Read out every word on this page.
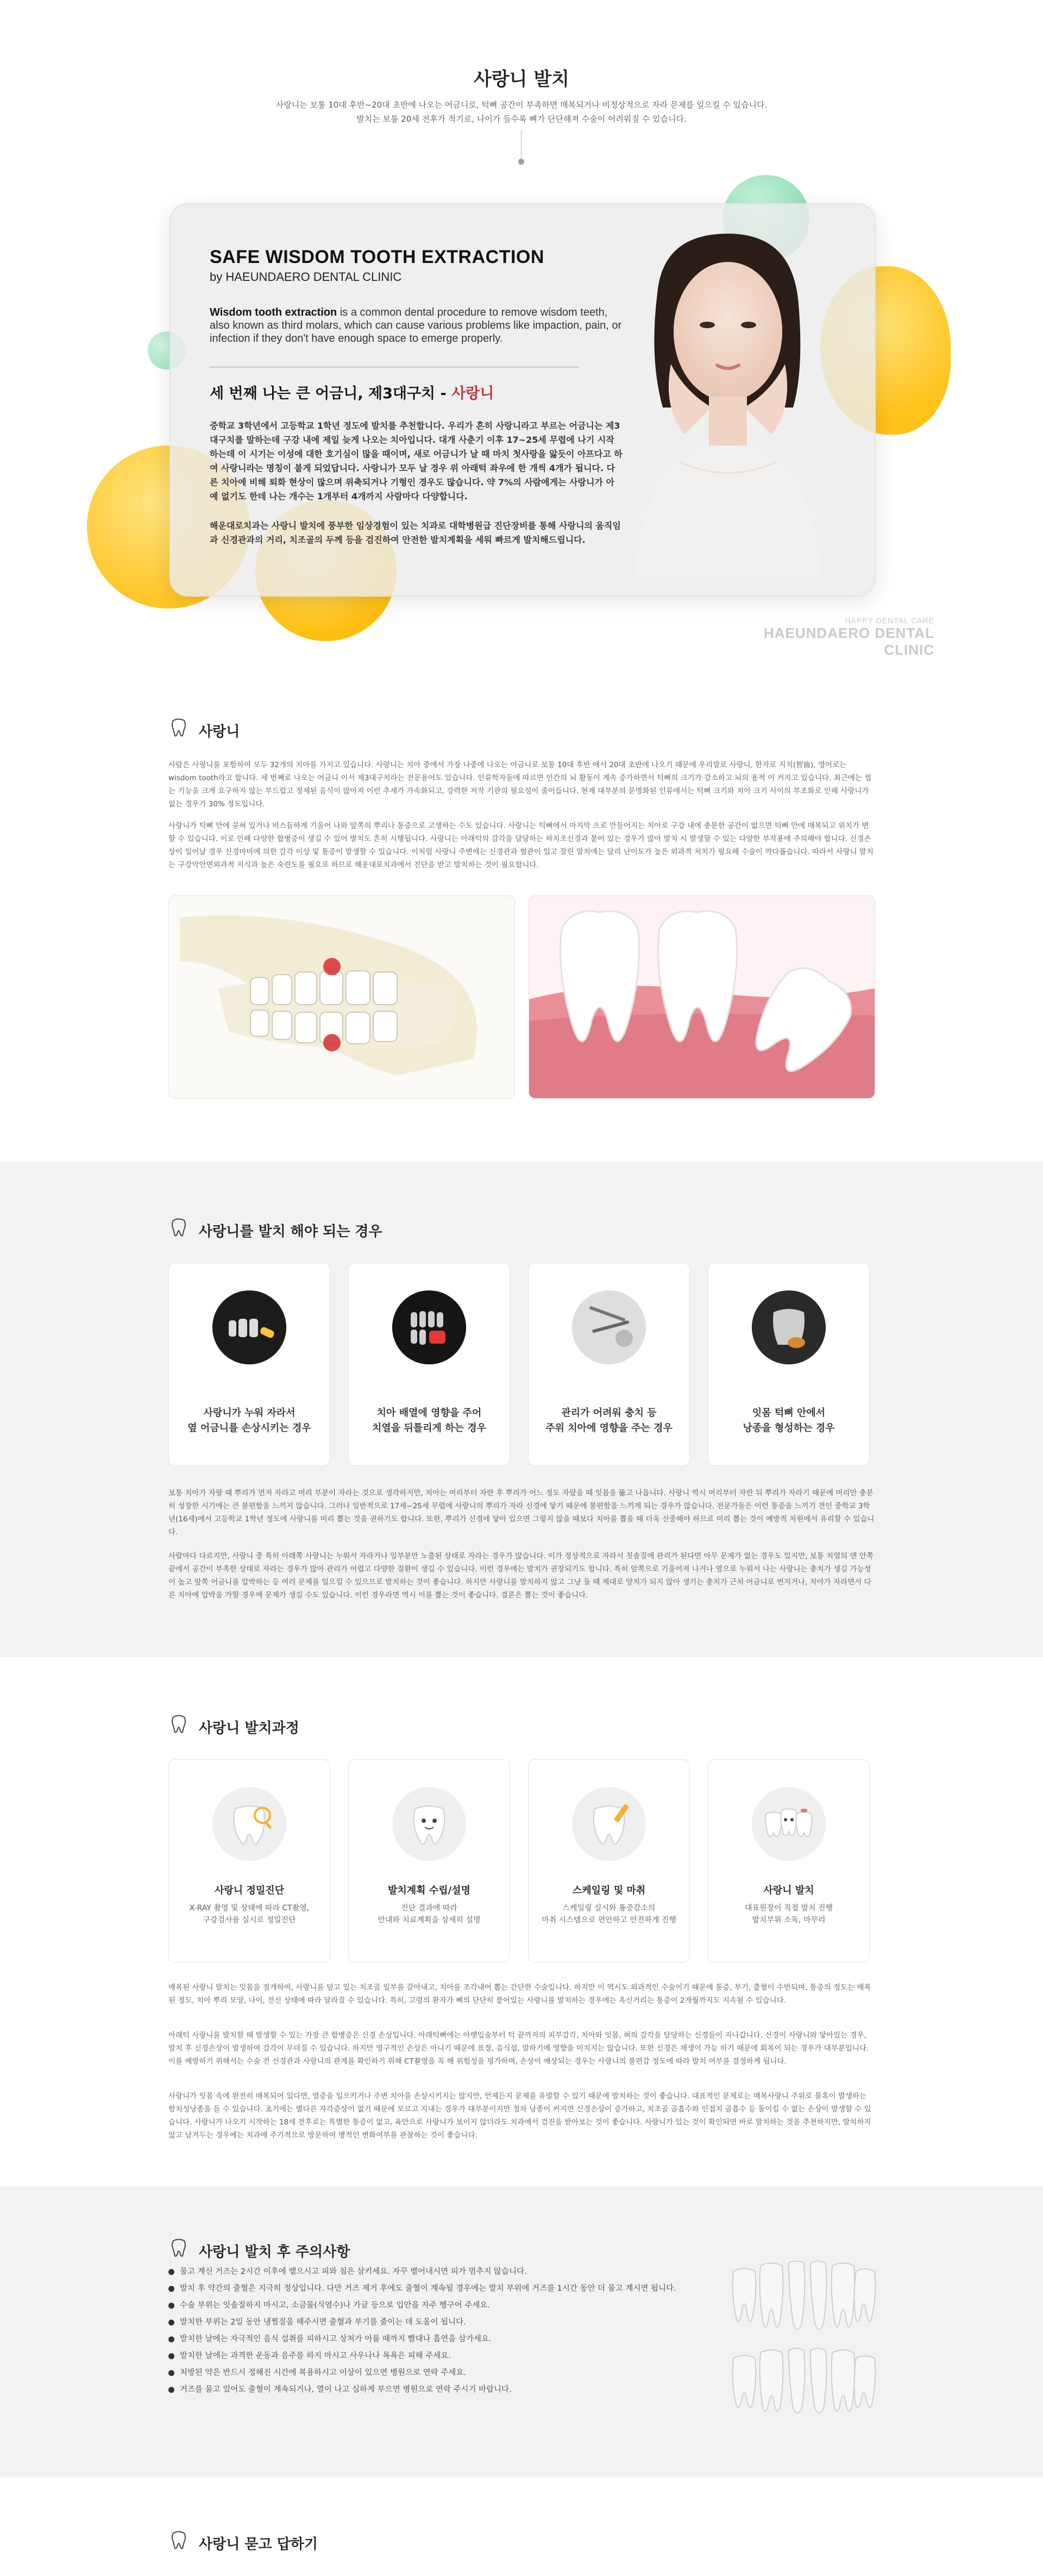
사랑니 발치

사랑니는 보통 10대 후반~20대 초반에 나오는 어금니로, 턱뼈 공간이 부족하면 매복되거나 비정상적으로 자라 문제를 일으킬 수 있습니다.

발치는 보통 20세 전후가 적기로, 나이가 들수록 뼈가 단단해져 수술이 어려워질 수 있습니다.

SAFE WISDOM TOOTH EXTRACTION
by HAEUNDAERO DENTAL CLINIC
Wisdom tooth extraction is a common dental procedure to remove wisdom teeth, also known as third molars, which can cause various problems like impaction, pain, or infection if they don't have enough space to emerge properly.
세 번째 나는 큰 어금니, 제3대구치 - 사랑니

중학교 3학년에서 고등학교 1학년 정도에 발치를 추천합니다. 우리가 흔히 사랑니라고 부르는 어금니는 제3대구치를 말하는데 구강 내에 제일 늦게 나오는 치아입니다. 대개 사춘기 이후 17~25세 무렵에 나기 시작하는데 이 시기는 이성에 대한 호기심이 많을 때이며, 새로 어금니가 날 때 마치 첫사랑을 앓듯이 아프다고 하여 사랑니라는 명칭이 붙게 되었답니다. 사랑니가 모두 날 경우 위 아래턱 좌우에 한 개씩 4개가 됩니다. 다른 치아에 비해 퇴화 현상이 많으며 위축되거나 기형인 경우도 많습니다. 약 7%의 사람에게는 사랑니가 아예 없기도 한데 나는 개수는 1개부터 4개까지 사람마다 다양합니다.

해운대로치과는 사랑니 발치에 풍부한 임상경험이 있는 치과로 대학병원급 진단장비를 통해 사랑니의 움직임과 신경관과의 거리, 치조골의 두께 등을 검진하여 안전한 발치계획을 세워 빠르게 발치해드립니다.

HAPPY DENTAL CARE
HAEUNDAERO DENTAL CLINIC
사랑니

사람은 사랑니를 포함하여 모두 32개의 치아를 가지고 있습니다. 사랑니는 치아 중에서 가장 나중에 나오는 어금니로 보통 10대 후반 에서 20대 초반에 나오기 때문에 우리말로 사랑니, 한자로 지치(智齒), 영어로는 wisdom tooth라고 합니다. 세 번째로 나오는 어금니 이서 제3대구치라는 전문용어도 있습니다. 인류학자들에 따르면 인간의 뇌 활동이 계속 증가하면서 턱뼈의 크기가 감소하고 뇌의 용적 이 커지고 있습니다. 최근에는 씹는 기능을 크게 요구하지 않는 부드럽고 정제된 음식이 많아져 이런 추세가 가속화되고, 강력한 저작 기관의 필요성이 줄어듭니다. 현재 대부분의 문명화된 인류에서는 턱뼈 크기와 치아 크기 사이의 부조화로 인해 사랑니가 없는 경우가 30% 정도입니다.

사랑니가 턱뼈 안에 묻혀 있거나 비스듬하게 기울어 나와 앞쪽의 뿌리나 통증으로 고생하는 수도 있습니다. 사랑니는 턱뼈에서 마지막 으로 만들어지는 치아로 구강 내에 충분한 공간이 없으면 턱뼈 안에 매복되고 위치가 변할 수 있습니다. 이로 인해 다양한 합병증이 생길 수 있어 발치도 흔히 시행됩니다. 사랑니는 아래턱의 감각을 담당하는 하치조신경과 붙어 있는 경우가 많아 발치 시 발생할 수 있는 다양한 부작용에 주의해야 합니다. 신경손상이 일어날 경우 신경마비에 의한 감각 이상 및 통증이 발생할 수 있습니다. 이처럼 사랑니 주변에는 신경관과 혈관이 있고 잘린 발치에는 달리 난이도가 높은 외과적 처치가 필요해 수술이 까다롭습니다. 따라서 사랑니 발치는 구강악안면외과적 지식과 높은 숙련도를 필요로 하므로 해운대로치과에서 진단을 받고 발치하는 것이 필요합니다.

사랑니를 발치 해야 되는 경우
사랑니가 누워 자라서
옆 어금니를 손상시키는 경우
치아 배열에 영향을 주어
치열을 뒤틀리게 하는 경우
관리가 어려워 충치 등
주위 치아에 영향을 주는 경우
잇몸 턱뼈 안에서
낭종을 형성하는 경우

보통 치아가 자랄 때 뿌리가 먼저 자라고 머리 부분이 자라는 것으로 생각하지만, 치아는 머리부터 자란 후 뿌리가 어느 정도 자랐을 때 잇몸을 뚫고 나옵니다. 사랑니 역시 머리부터 자란 뒤 뿌리가 자라기 때문에 머리만 충분히 성장한 시기에는 큰 불편함을 느끼지 않습니다. 그러나 일반적으로 17세~25세 무렵에 사랑니의 뿌리가 자라 신경에 닿기 때문에 불편함을 느끼게 되는 경우가 많습니다. 전문가들은 이런 통증을 느끼기 전인 중학교 3학년(16세)에서 고등학교 1학년 정도에 사랑니를 미리 뽑는 것을 권하기도 합니다. 또한, 뿌리가 신경에 닿아 있으면 그렇지 않을 때보다 치아를 뽑을 때 더욱 신중해야 하므로 미리 뽑는 것이 예방적 차원에서 유리할 수 있습니다.

사람마다 다르지만, 사랑니 중 특히 아래쪽 사랑니는 누워서 자라거나 일부분만 노출된 상태로 자라는 경우가 많습니다. 이가 정상적으로 자라서 칫솔질에 관리가 된다면 아무 문제가 없는 경우도 있지만, 보통 치열의 맨 안쪽 끝에서 공간이 부족한 상태로 자라는 경우가 많아 관리가 어렵고 다양한 질환이 생길 수 있습니다. 이런 경우에는 발치가 권장되기도 합니다. 특히 앞쪽으로 기울어져 나거나 옆으로 누워서 나는 사랑니는 충치가 생길 가능성이 높고 앞쪽 어금니를 압박하는 등 여러 문제를 일으킬 수 있으므로 발치하는 것이 좋습니다. 하지만 사랑니를 발치하지 않고 그냥 둘 때 제대로 양치가 되지 않아 생기는 충치가 근처 어금니로 번지거나, 치아가 자라면서 다른 치아에 압박을 가할 경우에 문제가 생길 수도 있습니다. 이런 경우라면 역시 이를 뽑는 것이 좋습니다. 결론은 뽑는 것이 좋습니다.

사랑니 발치과정
사랑니 정밀진단
X-RAY 촬영 및 상태에 따라 CT촬영,
구강검사를 실시로 정밀진단
발치계획 수립/설명
진단 결과에 따라
안내와 치료계획을 상세히 설명
스케일링 및 마취
스케일링 실시와 통증감소의
마취 시스템으로 편안하고 안전하게 진행
사랑니 발치
대표원장이 직접 발치 진행
발치부위 소독, 마무리

매복된 사랑니 발치는 잇몸을 절개하여, 사랑니를 덮고 있는 치조골 일부를 갈아내고, 치아를 조각내어 뽑는 간단한 수술입니다. 하지만 이 역시도 외과적인 수술이기 때문에 통증, 부기, 출혈이 수반되며, 통증의 정도는 매복된 정도, 치아 뿌리 모양, 나이, 전신 상태에 따라 달라질 수 있습니다. 특히, 고령의 환자가 뼈의 단단히 붙어있는 사랑니를 발치하는 경우에는 옥신거리는 통증이 2개월까지도 지속될 수 있습니다.

아래턱 사랑니를 발치할 때 발생할 수 있는 가장 큰 합병증은 신경 손상입니다. 아래턱뼈에는 아랫입술부터 턱 끝까지의 피부감각, 치아와 잇몸, 혀의 감각을 담당하는 신경들이 지나갑니다. 신경이 사랑니와 닿아있는 경우, 발치 후 신경손상이 발생하여 감각이 무뎌질 수 있습니다. 하지만 영구적인 손상은 아니기 때문에 표정, 음식섭, 말하기에 영향을 미치지는 않습니다. 또한 신경은 재생이 가능 하기 때문에 회복이 되는 경우가 대부분입니다. 이를 예방하기 위해서는 수술 전 신경관과 사랑니의 관계를 확인하기 위해 CT촬영을 꼭 해 위험성을 평가하며, 손상이 예상되는 경우는 사랑니의 불편감 정도에 따라 발치 여부를 결정하게 됩니다.

사랑니가 잇몸 속에 완전히 매복되어 있다면, 염증을 일으키거나 주변 치아를 손상시키지는 않지만, 언제든지 문제를 유발할 수 있기 때문에 발치하는 것이 좋습니다. 대표적인 문제로는 매복사랑니 주위로 물혹이 발생하는 함치성낭종을 들 수 있습니다. 초기에는 별다른 자각증상이 없기 때문에 모르고 지내는 경우가 대부분이지만 점차 낭종이 커지면 신경손상이 증가하고, 치조골 골흡수와 인접치 골흡수 등 돌이킬 수 없는 손상이 발생할 수 있습니다. 사랑니가 나오기 시작하는 18세 전후로는 특별한 통증이 없고, 육안으로 사랑니가 보이지 않더라도 치과에서 검진을 받아보는 것이 좋습니다. 사랑니가 있는 것이 확인되면 바로 발치하는 것을 추천하지만, 발치하지 않고 남겨두는 경우에는 치과에 주기적으로 방문하여 병적인 변화여부를 관찰하는 것이 좋습니다.

사랑니 발치 후 주의사항
물고 계신 거즈는 2시간 이후에 뱉으시고 피와 침은 삼키세요. 자꾸 뱉어내시면 피가 멈추지 않습니다.
발치 후 약간의 출혈은 지극히 정상입니다. 다만 거즈 제거 후에도 출혈이 계속될 경우에는 발치 부위에 거즈를 1시간 동안 더 물고 계시면 됩니다.
수술 부위는 잇솔질하지 마시고, 소금물(식염수)나 가글 등으로 입안을 자주 헹구어 주세요.
발치한 부위는 2일 동안 냉찜질을 해주시면 출혈과 부기를 줄이는 데 도움이 됩니다.
발치한 날에는 자극적인 음식 섭취를 피하시고 상처가 아물 때까지 빨대나 흡연을 삼가세요.
발치한 날에는 과격한 운동과 음주를 하지 마시고 사우나나 목욕은 피해 주세요.
처방된 약은 반드시 정해진 시간에 복용하시고 이상이 있으면 병원으로 연락 주세요.
거즈를 물고 있어도 출혈이 계속되거나, 열이 나고 심하게 부으면 병원으로 연락 주시기 바랍니다.
사랑니 묻고 답하기
